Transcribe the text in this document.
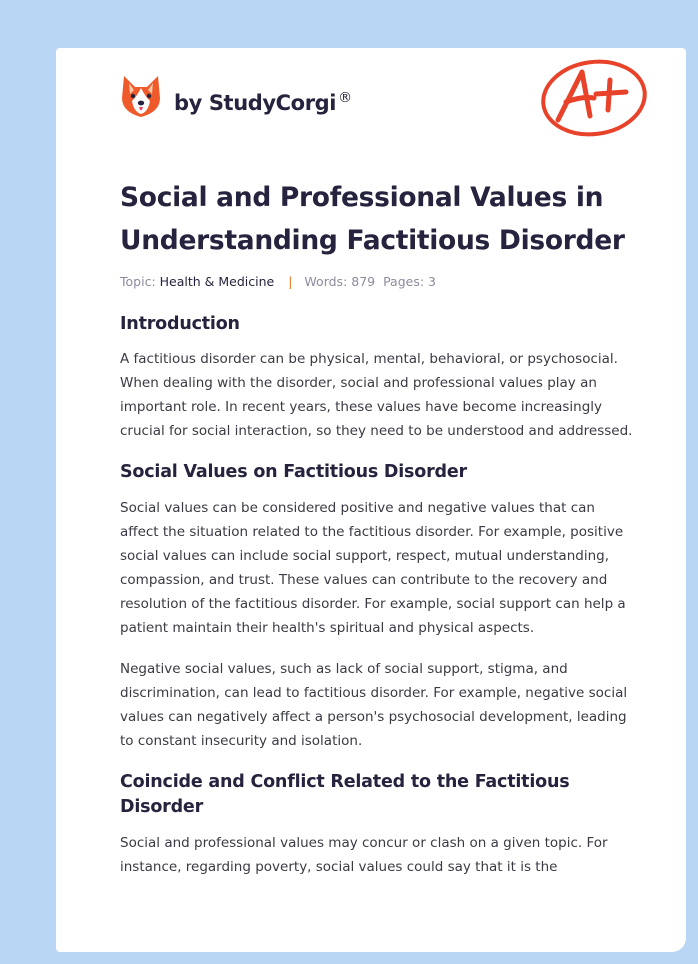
by StudyCorgi ®
Social and Professional Values in Understanding Factitious Disorder
Topic: Health & Medicine | Words: 879 Pages: 3
Introduction

A factitious disorder can be physical, mental, behavioral, or psychosocial. When dealing with the disorder, social and professional values play an important role. In recent years, these values have become increasingly crucial for social interaction, so they need to be understood and addressed.

Social Values on Factitious Disorder

Social values can be considered positive and negative values that can affect the situation related to the factitious disorder. For example, positive social values can include social support, respect, mutual understanding, compassion, and trust. These values can contribute to the recovery and resolution of the factitious disorder. For example, social support can help a patient maintain their health's spiritual and physical aspects.

Negative social values, such as lack of social support, stigma, and discrimination, can lead to factitious disorder. For example, negative social values can negatively affect a person's psychosocial development, leading to constant insecurity and isolation.

Coincide and Conflict Related to the Factitious Disorder

Social and professional values may concur or clash on a given topic. For instance, regarding poverty, social values could say that it is the
